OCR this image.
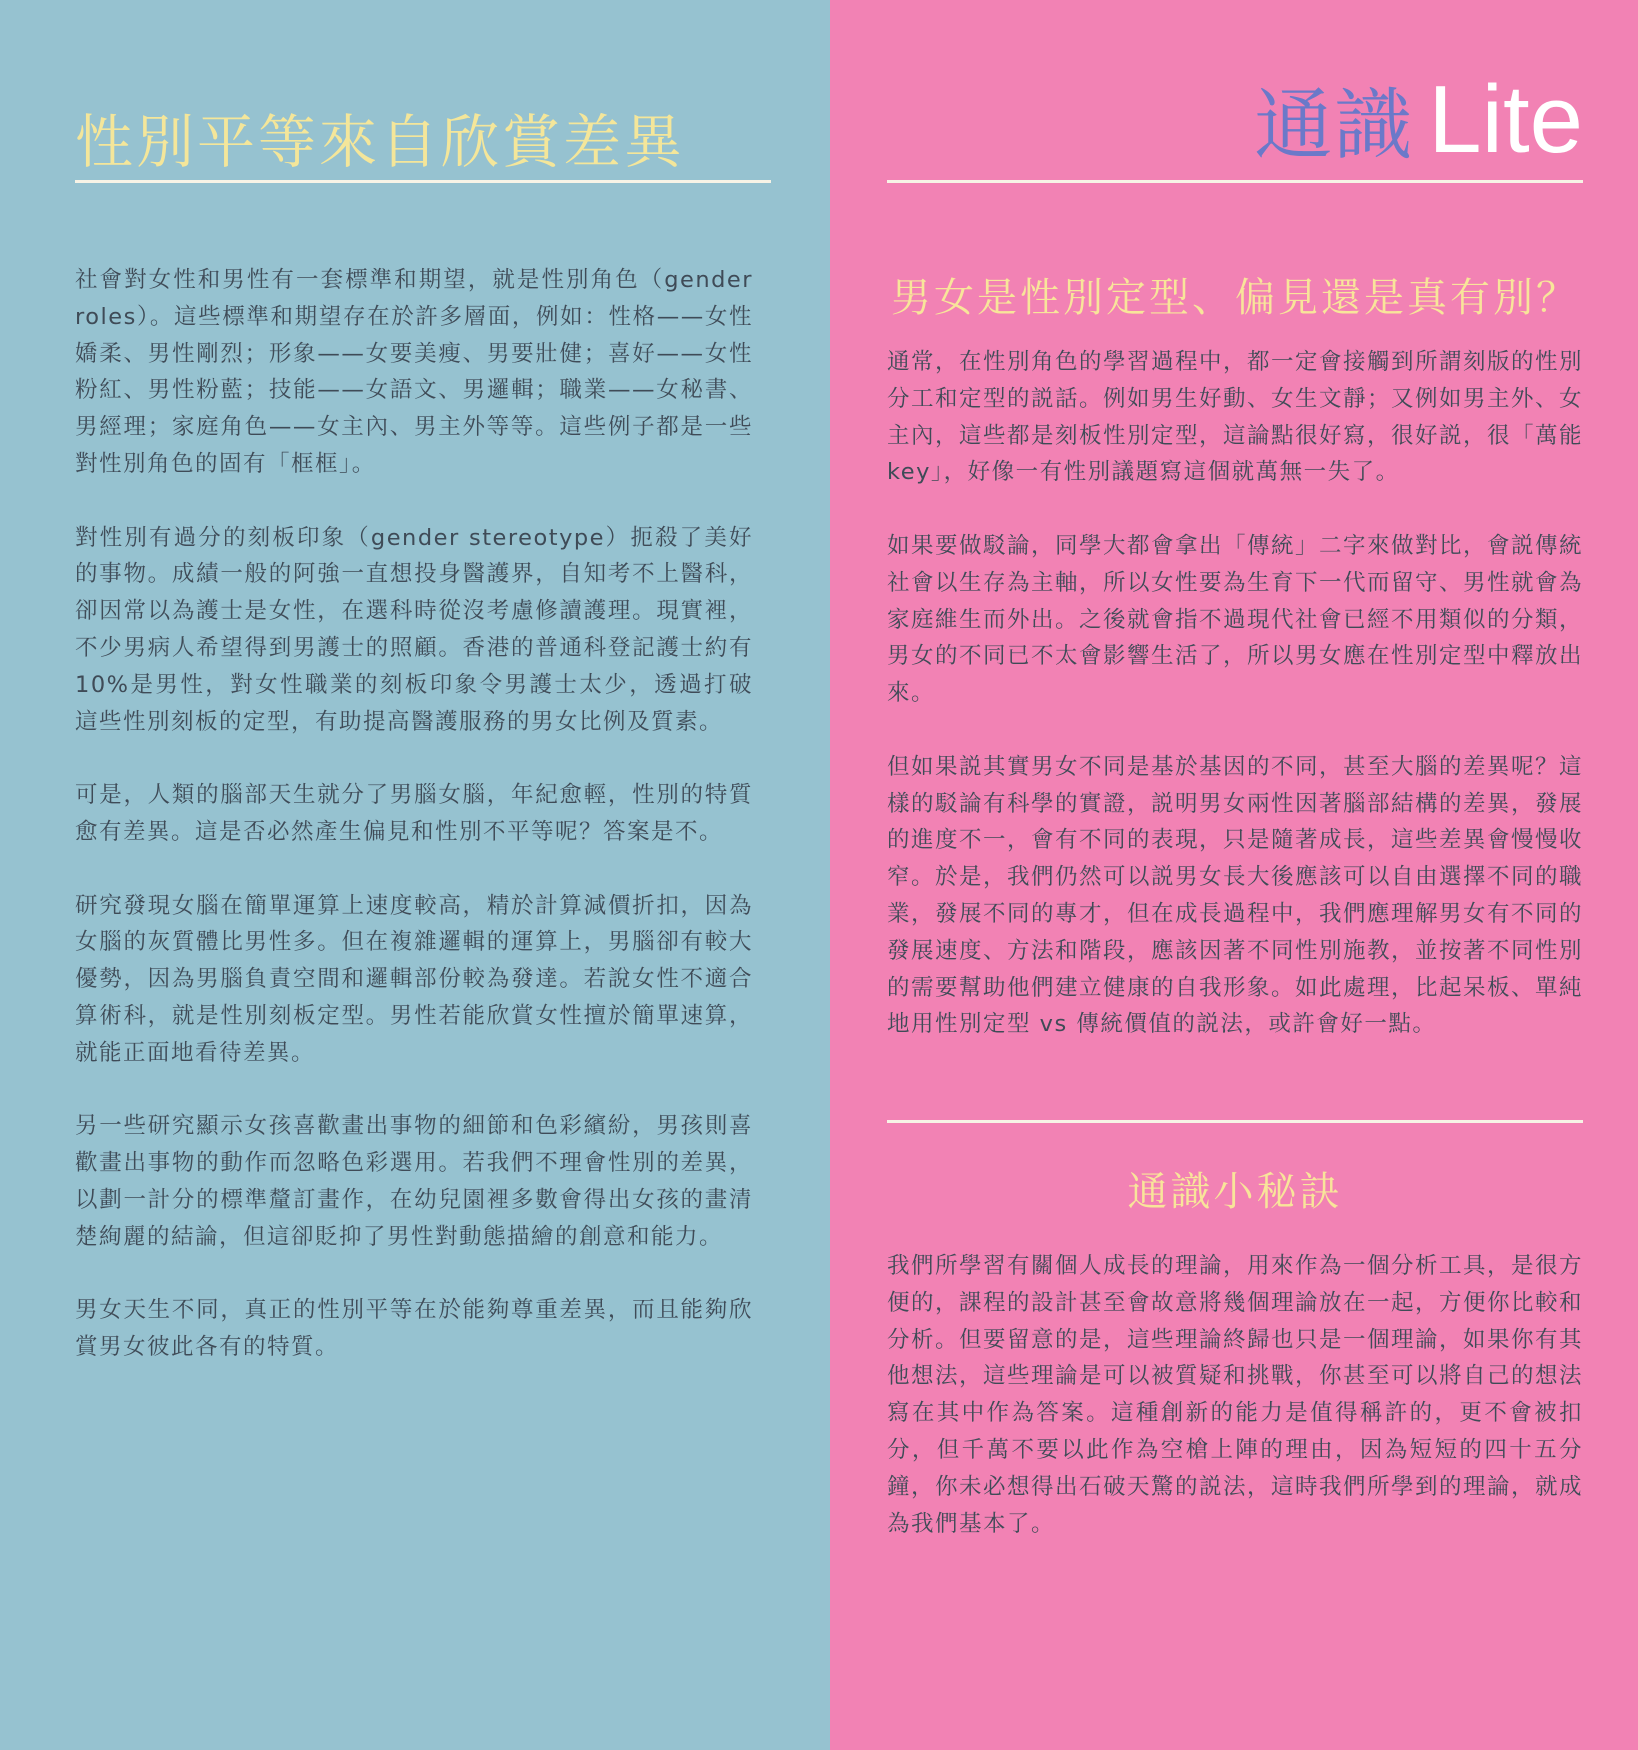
性別平等來自欣賞差異

社會對女性和男性有一套標準和期望，就是性別角色（gender roles）。這些標準和期望存在於許多層面，例如：性格——女性嬌柔、男性剛烈；形象——女要美瘦、男要壯健；喜好——女性粉紅、男性粉藍；技能——女語文、男邏輯；職業——女秘書、男經理；家庭角色——女主內、男主外等等。這些例子都是一些對性別角色的固有「框框」。

對性別有過分的刻板印象（gender stereotype）扼殺了美好的事物。成績一般的阿強一直想投身醫護界，自知考不上醫科，卻因常以為護士是女性，在選科時從沒考慮修讀護理。現實裡，不少男病人希望得到男護士的照顧。香港的普通科登記護士約有10%是男性，對女性職業的刻板印象令男護士太少，透過打破這些性別刻板的定型，有助提高醫護服務的男女比例及質素。

可是，人類的腦部天生就分了男腦女腦，年紀愈輕，性別的特質愈有差異。這是否必然產生偏見和性別不平等呢？答案是不。

研究發現女腦在簡單運算上速度較高，精於計算減價折扣，因為女腦的灰質體比男性多。但在複雜邏輯的運算上，男腦卻有較大優勢，因為男腦負責空間和邏輯部份較為發達。若說女性不適合算術科，就是性別刻板定型。男性若能欣賞女性擅於簡單速算，就能正面地看待差異。

另一些研究顯示女孩喜歡畫出事物的細節和色彩繽紛，男孩則喜歡畫出事物的動作而忽略色彩選用。若我們不理會性別的差異，以劃一計分的標準釐訂畫作，在幼兒園裡多數會得出女孩的畫清楚絢麗的結論，但這卻貶抑了男性對動態描繪的創意和能力。

男女天生不同，真正的性別平等在於能夠尊重差異，而且能夠欣賞男女彼此各有的特質。

通識 Lite
男女是性別定型、偏見還是真有別？

通常，在性別角色的學習過程中，都一定會接觸到所謂刻版的性別分工和定型的説話。例如男生好動、女生文靜；又例如男主外、女主內，這些都是刻板性別定型，這論點很好寫，很好説，很「萬能key」，好像一有性別議題寫這個就萬無一失了。

如果要做駁論，同學大都會拿出「傳統」二字來做對比，會説傳統社會以生存為主軸，所以女性要為生育下一代而留守、男性就會為家庭維生而外出。之後就會指不過現代社會已經不用類似的分類，男女的不同已不太會影響生活了，所以男女應在性別定型中釋放出來。

但如果説其實男女不同是基於基因的不同，甚至大腦的差異呢？這樣的駁論有科學的實證，説明男女兩性因著腦部結構的差異，發展的進度不一，會有不同的表現，只是隨著成長，這些差異會慢慢收窄。於是，我們仍然可以説男女長大後應該可以自由選擇不同的職業，發展不同的專才，但在成長過程中，我們應理解男女有不同的發展速度、方法和階段，應該因著不同性別施教，並按著不同性別的需要幫助他們建立健康的自我形象。如此處理，比起呆板、單純地用性別定型 vs 傳統價值的説法，或許會好一點。

通識小秘訣

我們所學習有關個人成長的理論，用來作為一個分析工具，是很方便的，課程的設計甚至會故意將幾個理論放在一起，方便你比較和分析。但要留意的是，這些理論終歸也只是一個理論，如果你有其他想法，這些理論是可以被質疑和挑戰，你甚至可以將自己的想法寫在其中作為答案。這種創新的能力是值得稱許的，更不會被扣分，但千萬不要以此作為空槍上陣的理由，因為短短的四十五分鐘，你未必想得出石破天驚的説法，這時我們所學到的理論，就成為我們基本了。
